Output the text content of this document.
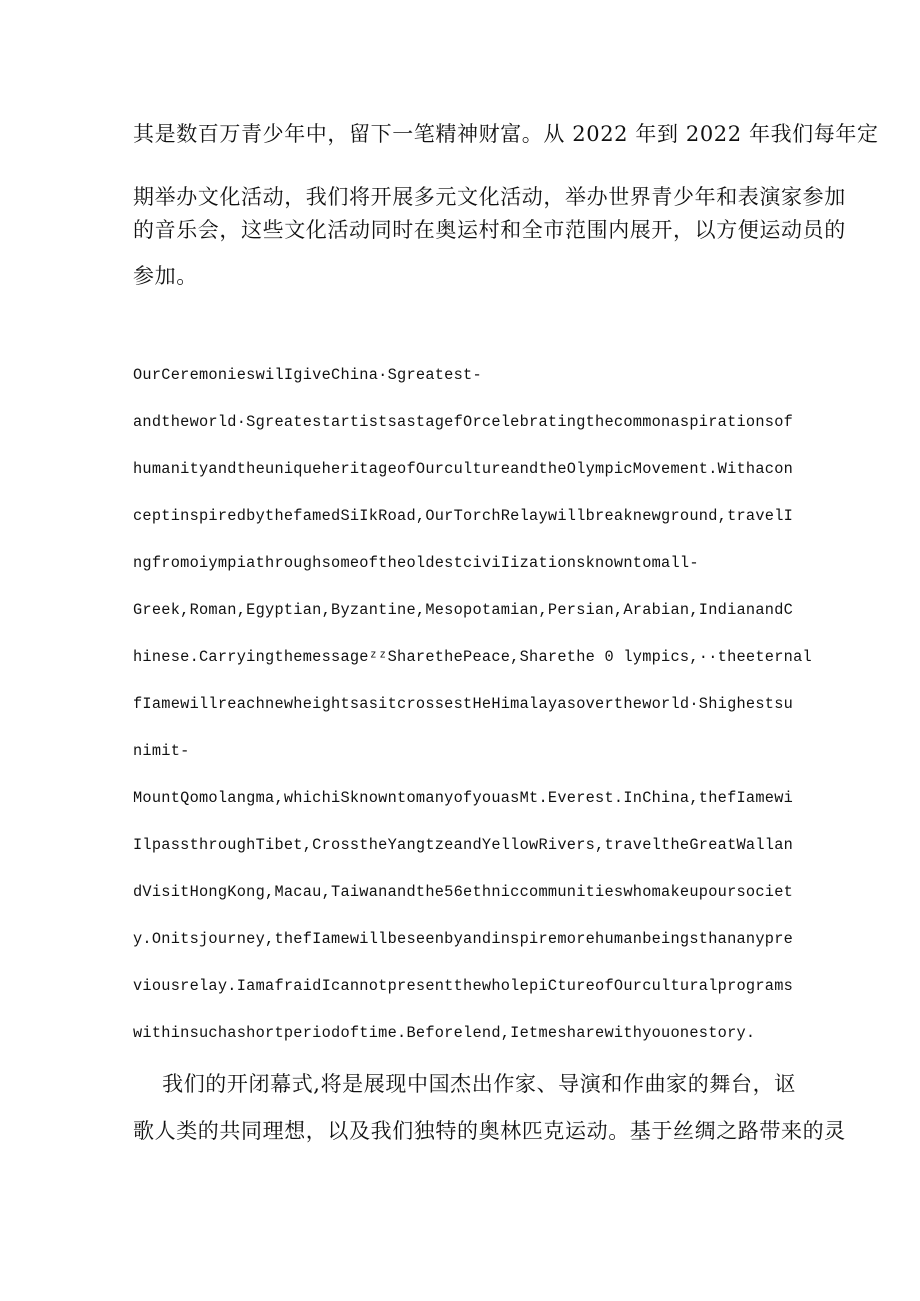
其是数百万青少年中，留下一笔精神财富。从 2022 年到 2022 年我们每年定

期举办文化活动，我们将开展多元文化活动，举办世界青少年和表演家参加

的音乐会，这些文化活动同时在奥运村和全市范围内展开，以方便运动员的

参加。

OurCeremonieswilIgiveChina·Sgreatest-

andtheworld·SgreatestartistsastagefOrcelebratingthecommonaspirationsof

humanityandtheuniqueheritageofOurcultureandtheOlympicMovement.Withacon

ceptinspiredbythefamedSiIkRoad,OurTorchRelaywillbreaknewground,travelI

ngfromoiympiathroughsomeoftheoldestciviIizationsknowntomall-

Greek,Roman,Egyptian,Byzantine,Mesopotamian,Persian,Arabian,IndianandC

hinese.CarryingthemessageᶻᶻSharethePeace,Sharethe 0 lympics,··theeternal

fIamewillreachnewheightsasitcrossestHeHimalayasovertheworld·Shighestsu

nimit-

MountQomolangma,whichiSknowntomanyofyouasMt.Everest.InChina,thefIamewi

IlpassthroughTibet,CrosstheYangtzeandYellowRivers,traveltheGreatWallan

dVisitHongKong,Macau,Taiwanandthe56ethniccommunitieswhomakeupoursociet

y.Onitsjourney,thefIamewillbeseenbyandinspiremorehumanbeingsthananypre

viousrelay.IamafraidIcannotpresentthewholepiCtureofOurculturalprograms

withinsuchashortperiodoftime.Beforelend,Ietmesharewithyouonestory.

我们的开闭幕式,将是展现中国杰出作家、导演和作曲家的舞台，讴

歌人类的共同理想，以及我们独特的奥林匹克运动。基于丝绸之路带来的灵
